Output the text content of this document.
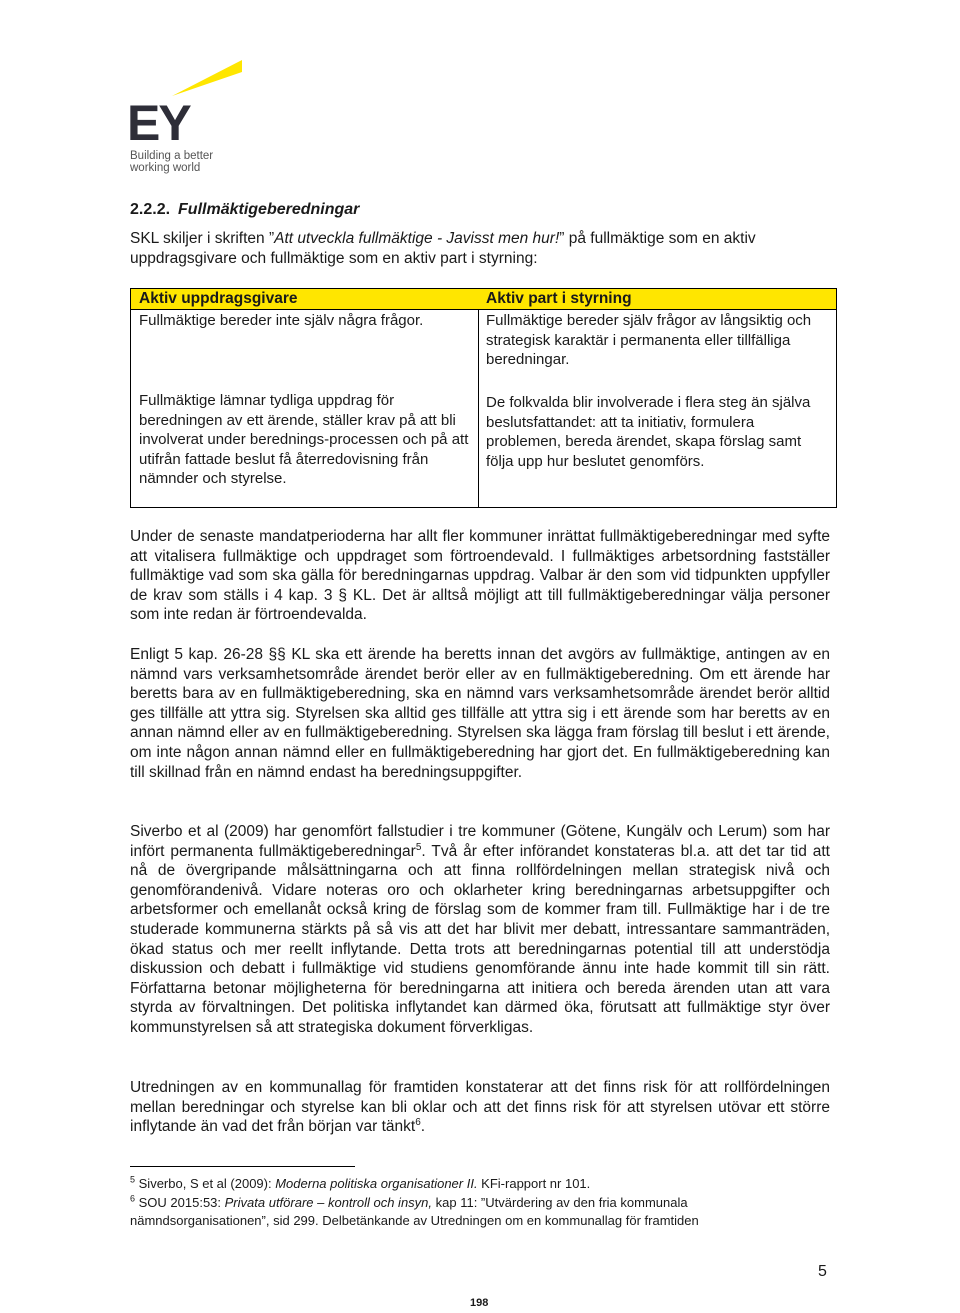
EY
Building a better
working world
2.2.2. Fullmäktigeberedningar
SKL skiljer i skriften ”Att utveckla fullmäktige - Javisst men hur!” på fullmäktige som en aktiv uppdragsgivare och fullmäktige som en aktiv part i styrning:
Aktiv uppdragsgivare
Fullmäktige bereder inte själv några frågor.
Fullmäktige lämnar tydliga uppdrag för beredningen av ett ärende, ställer krav på att bli involverat under berednings-processen och på att utifrån fattade beslut få återredovisning från nämnder och styrelse.
Aktiv part i styrning
Fullmäktige bereder själv frågor av långsiktig och strategisk karaktär i permanenta eller tillfälliga beredningar.
De folkvalda blir involverade i flera steg än själva beslutsfattandet: att ta initiativ, formulera problemen, bereda ärendet, skapa förslag samt följa upp hur beslutet genomförs.
Under de senaste mandatperioderna har allt fler kommuner inrättat fullmäktigeberedningar med syfte att vitalisera fullmäktige och uppdraget som förtroendevald. I fullmäktiges arbetsordning fastställer fullmäktige vad som ska gälla för beredningarnas uppdrag. Valbar är den som vid tidpunkten uppfyller de krav som ställs i 4 kap. 3 § KL. Det är alltså möjligt att till fullmäktigeberedningar välja personer som inte redan är förtroendevalda.
Enligt 5 kap. 26-28 §§ KL ska ett ärende ha beretts innan det avgörs av fullmäktige, antingen av en nämnd vars verksamhetsområde ärendet berör eller av en fullmäktigeberedning. Om ett ärende har beretts bara av en fullmäktigeberedning, ska en nämnd vars verksamhetsområde ärendet berör alltid ges tillfälle att yttra sig. Styrelsen ska alltid ges tillfälle att yttra sig i ett ärende som har beretts av en annan nämnd eller av en fullmäktigeberedning. Styrelsen ska lägga fram förslag till beslut i ett ärende, om inte någon annan nämnd eller en fullmäktigeberedning har gjort det. En fullmäktigeberedning kan till skillnad från en nämnd endast ha beredningsuppgifter.
Siverbo et al (2009) har genomfört fallstudier i tre kommuner (Götene, Kungälv och Lerum) som har infört permanenta fullmäktigeberedningar$^5$. Två år efter införandet konstateras bl.a. att det tar tid att nå de övergripande målsättningarna och att finna rollfördelningen mellan strategisk nivå och genomförandenivå. Vidare noteras oro och oklarheter kring beredningarnas arbetsuppgifter och arbetsformer och emellanåt också kring de förslag som de kommer fram till. Fullmäktige har i de tre studerade kommunerna stärkts på så vis att det har blivit mer debatt, intressantare sammanträden, ökad status och mer reellt inflytande. Detta trots att beredningarnas potential till att understödja diskussion och debatt i fullmäktige vid studiens genomförande ännu inte hade kommit till sin rätt. Författarna betonar möjligheterna för beredningarna att initiera och bereda ärenden utan att vara styrda av förvaltningen. Det politiska inflytandet kan därmed öka, förutsatt att fullmäktige styr över kommunstyrelsen så att strategiska dokument förverkligas.
Utredningen av en kommunallag för framtiden konstaterar att det finns risk för att rollfördelningen mellan beredningar och styrelse kan bli oklar och att det finns risk för att styrelsen utövar ett större inflytande än vad det från början var tänkt$^6$.
$^5$ Siverbo, S et al (2009): Moderna politiska organisationer II. KFi-rapport nr 101.
$^6$ SOU 2015:53: Privata utförare – kontroll och insyn, kap 11: ”Utvärdering av den fria kommunala nämndsorganisationen”, sid 299. Delbetänkande av Utredningen om en kommunallag för framtiden
5
198
